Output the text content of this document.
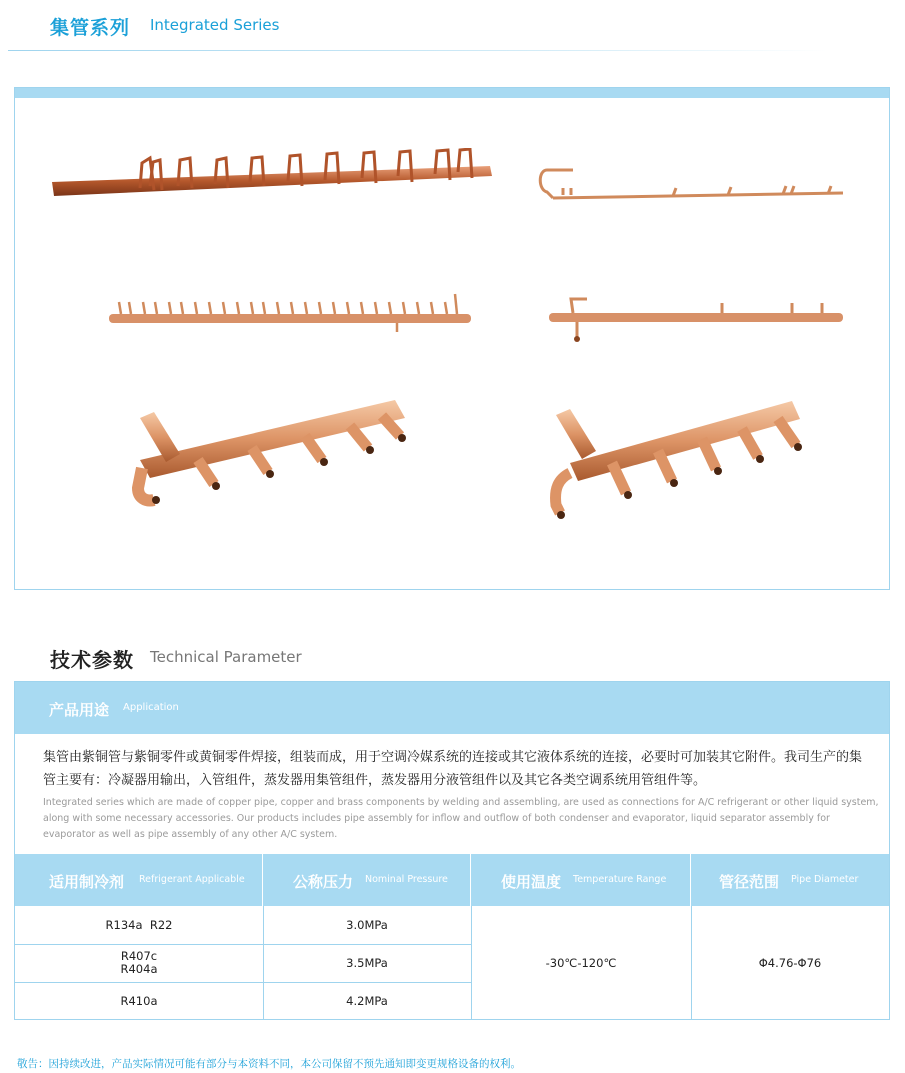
集管系列 Integrated Series
技术参数 Technical Parameter
产品用途 Application

集管由紫铜管与紫铜零件或黄铜零件焊接，组装而成，用于空调冷媒系统的连接或其它液体系统的连接，必要时可加装其它附件。我司生产的集管主要有：冷凝器用输出，入管组件，蒸发器用集管组件，蒸发器用分液管组件以及其它各类空调系统用管组件等。

Integrated series which are made of copper pipe, copper and brass components by welding and assembling, are used as connections for A/C refrigerant or other liquid system, along with some necessary accessories. Our products includes pipe assembly for inflow and outflow of both condenser and evaporator, liquid separator assembly for evaporator as well as pipe assembly of any other A/C system.

适用制冷剂 Refrigerant Applicable	公称压力 Nominal Pressure	使用温度 Temperature Range	管径范围 Pipe Diameter
R134a  R22	3.0MPa
R407c
R404a	3.5MPa
R410a	4.2MPa
-30℃-120℃	Φ4.76-Φ76
敬告：因持续改进，产品实际情况可能有部分与本资料不同，本公司保留不预先通知即变更规格设备的权利。
